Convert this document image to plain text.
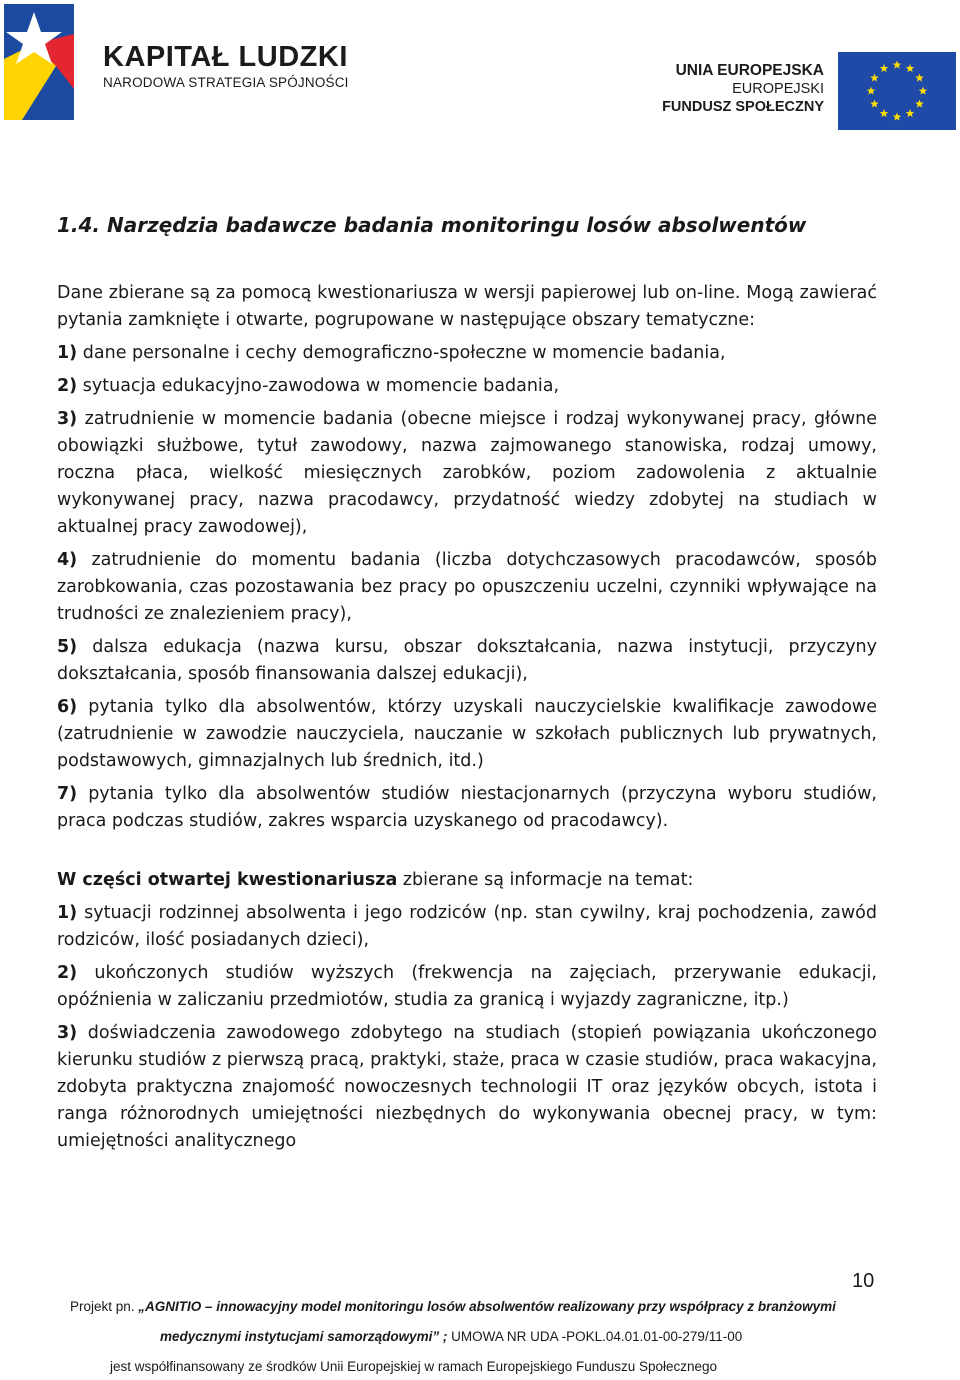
KAPITAŁ LUDZKI
NARODOWA STRATEGIA SPÓJNOŚCI
UNIA EUROPEJSKA
EUROPEJSKI
FUNDUSZ SPOŁECZNY
1.4. Narzędzia badawcze badania monitoringu losów absolwentów

Dane zbierane są za pomocą kwestionariusza w wersji papierowej lub on-line. Mogą zawierać pytania zamknięte i otwarte, pogrupowane w następujące obszary tematyczne:

1) dane personalne i cechy demograficzno-społeczne w momencie badania,

2) sytuacja edukacyjno-zawodowa w momencie badania,

3) zatrudnienie w momencie badania (obecne miejsce i rodzaj wykonywanej pracy, główne obowiązki służbowe, tytuł zawodowy, nazwa zajmowanego stanowiska, rodzaj umowy, roczna płaca, wielkość miesięcznych zarobków, poziom zadowolenia z aktualnie wykonywanej pracy, nazwa pracodawcy, przydatność wiedzy zdobytej na studiach w aktualnej pracy zawodowej),

4) zatrudnienie do momentu badania (liczba dotychczasowych pracodawców, sposób zarobkowania, czas pozostawania bez pracy po opuszczeniu uczelni, czynniki wpływające na trudności ze znalezieniem pracy),

5) dalsza edukacja (nazwa kursu, obszar dokształcania, nazwa instytucji, przyczyny dokształcania, sposób finansowania dalszej edukacji),

6) pytania tylko dla absolwentów, którzy uzyskali nauczycielskie kwalifikacje zawodowe (zatrudnienie w zawodzie nauczyciela, nauczanie w szkołach publicznych lub prywatnych, podstawowych, gimnazjalnych lub średnich, itd.)

7) pytania tylko dla absolwentów studiów niestacjonarnych (przyczyna wyboru studiów, praca podczas studiów, zakres wsparcia uzyskanego od pracodawcy).

W części otwartej kwestionariusza zbierane są informacje na temat:

1) sytuacji rodzinnej absolwenta i jego rodziców (np. stan cywilny, kraj pochodzenia, zawód rodziców, ilość posiadanych dzieci),

2) ukończonych studiów wyższych (frekwencja na zajęciach, przerywanie edukacji, opóźnienia w zaliczaniu przedmiotów, studia za granicą i wyjazdy zagraniczne, itp.)

3) doświadczenia zawodowego zdobytego na studiach (stopień powiązania ukończonego kierunku studiów z pierwszą pracą, praktyki, staże, praca w czasie studiów, praca wakacyjna, zdobyta praktyczna znajomość nowoczesnych technologii IT oraz języków obcych, istota i ranga różnorodnych umiejętności niezbędnych do wykonywania obecnej pracy, w tym: umiejętności analitycznego

10
Projekt pn. „AGNITIO – innowacyjny model monitoringu losów absolwentów realizowany przy współpracy z branżowymi
medycznymi instytucjami samorządowymi” ; UMOWA NR UDA -POKL.04.01.01-00-279/11-00
jest współfinansowany ze środków Unii Europejskiej w ramach Europejskiego Funduszu Społecznego
